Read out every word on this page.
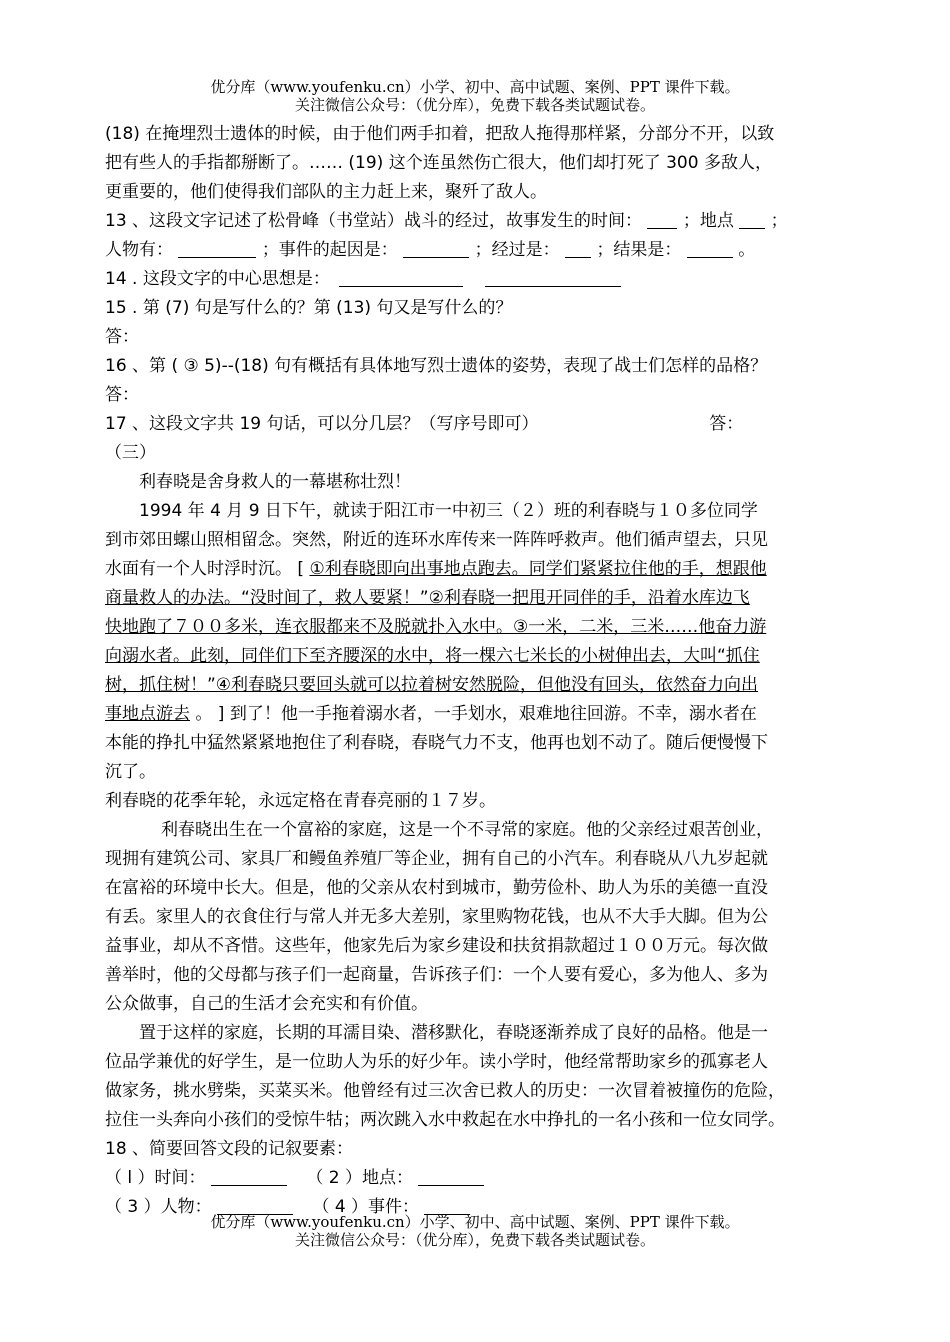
优分库（www.youfenku.cn）小学、初中、高中试题、案例、PPT 课件下载。
关注微信公众号：（优分库），免费下载各类试题试卷。
(18) 在掩埋烈士遗体的时候，由于他们两手扣着，把敌人拖得那样紧，分部分不开，以致
把有些人的手指都掰断了。…… (19) 这个连虽然伤亡很大，他们却打死了 300 多敌人，
更重要的，他们使得我们部队的主力赶上来，聚歼了敌人。
13 、这段文字记述了松骨峰（书堂站）战斗的经过，故事发生的时间： ；地点 ；
人物有：	；事件的起因是：	；经过是： ；结果是：	。
14 . 这段文字的中心思想是：
15 . 第 (7) 句是写什么的？第 (13) 句又是写什么的？
答：
16 、第 ( ③ 5)--(18) 句有概括有具体地写烈士遗体的姿势，表现了战士们怎样的品格？
答：
17 、这段文字共 19 句话，可以分几层？（写序号即可）	答：
（三）
利春晓是舍身救人的一幕堪称壮烈！
1994 年 4 月 9 日下午，就读于阳江市一中初三（２）班的利春晓与１０多位同学
到市郊田螺山照相留念。突然，附近的连环水库传来一阵阵呼救声。他们循声望去，只见
水面有一个人时浮时沉。 [ ①利春晓即向出事地点跑去。同学们紧紧拉住他的手，想跟他
商量救人的办法。“没时间了，救人要紧！”②利春晓一把甩开同伴的手，沿着水库边飞
快地跑了７００多米，连衣服都来不及脱就扑入水中。③一米，二米，三米……他奋力游
向溺水者。此刻，同伴们下至齐腰深的水中，将一棵六七米长的小树伸出去，大叫“抓住
树，抓住树！”④利春晓只要回头就可以拉着树安然脱险，但他没有回头，依然奋力向出
事地点游去 。 ] 到了！他一手拖着溺水者，一手划水，艰难地往回游。不幸，溺水者在
本能的挣扎中猛然紧紧地抱住了利春晓，春晓气力不支，他再也划不动了。随后便慢慢下
沉了。
利春晓的花季年轮，永远定格在青春亮丽的１７岁。
利春晓出生在一个富裕的家庭，这是一个不寻常的家庭。他的父亲经过艰苦创业，
现拥有建筑公司、家具厂和鳗鱼养殖厂等企业，拥有自己的小汽车。利春晓从八九岁起就
在富裕的环境中长大。但是，他的父亲从农村到城市，勤劳俭朴、助人为乐的美德一直没
有丢。家里人的衣食住行与常人并无多大差别，家里购物花钱，也从不大手大脚。但为公
益事业，却从不吝惜。这些年，他家先后为家乡建设和扶贫捐款超过１００万元。每次做
善举时，他的父母都与孩子们一起商量，告诉孩子们：一个人要有爱心，多为他人、多为
公众做事，自己的生活才会充实和有价值。
置于这样的家庭，长期的耳濡目染、潜移默化，春晓逐渐养成了良好的品格。他是一
位品学兼优的好学生，是一位助人为乐的好少年。读小学时，他经常帮助家乡的孤寡老人
做家务，挑水劈柴，买菜买米。他曾经有过三次舍已救人的历史：一次冒着被撞伤的危险，
拉住一头奔向小孩们的受惊牛牯；两次跳入水中救起在水中挣扎的一名小孩和一位女同学。
18 、简要回答文段的记叙要素：
（ l ）时间：	（ 2 ）地点：
（ 3 ）人物：	（ 4 ）事件：
优分库（www.youfenku.cn）小学、初中、高中试题、案例、PPT 课件下载。
关注微信公众号：（优分库），免费下载各类试题试卷。
